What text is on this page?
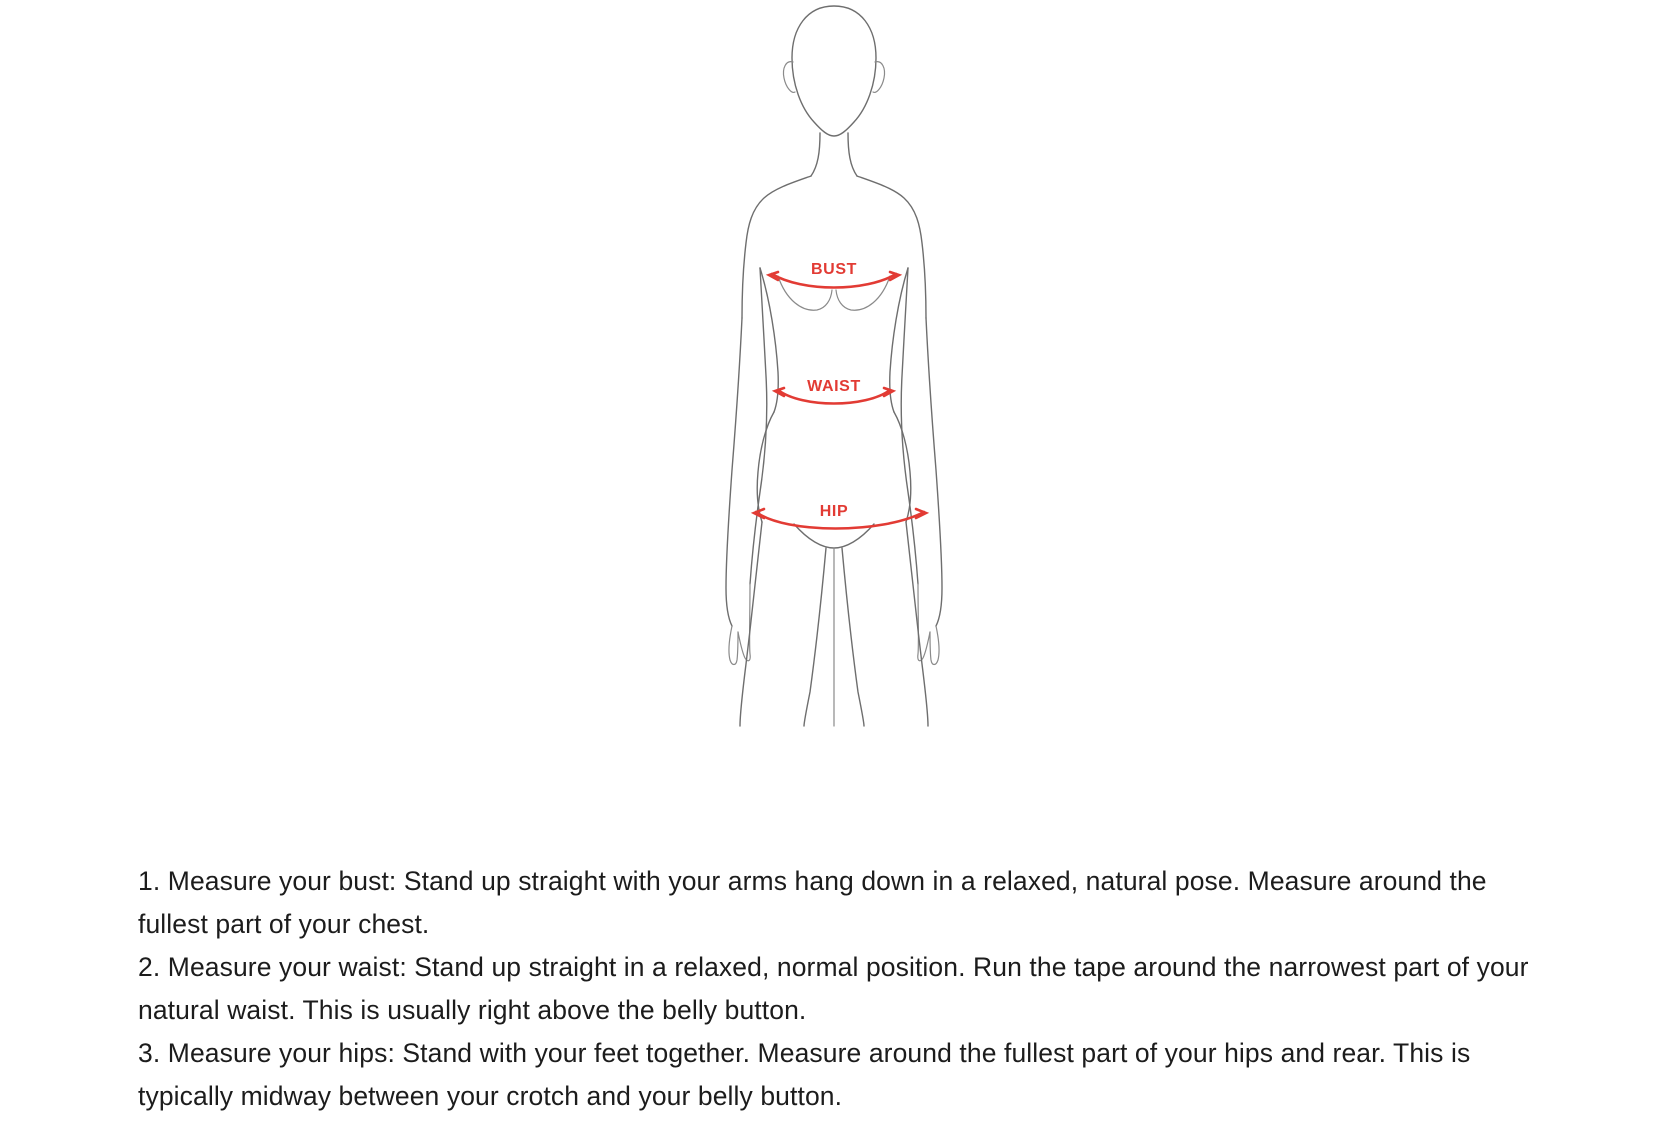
BUST
WAIST
HIP

1. Measure your bust: Stand up straight with your arms hang down in a relaxed, natural pose. Measure around the fullest part of your chest.

2. Measure your waist: Stand up straight in a relaxed, normal position. Run the tape around the narrowest part of your natural waist. This is usually right above the belly button.

3. Measure your hips: Stand with your feet together. Measure around the fullest part of your hips and rear. This is typically midway between your crotch and your belly button.
